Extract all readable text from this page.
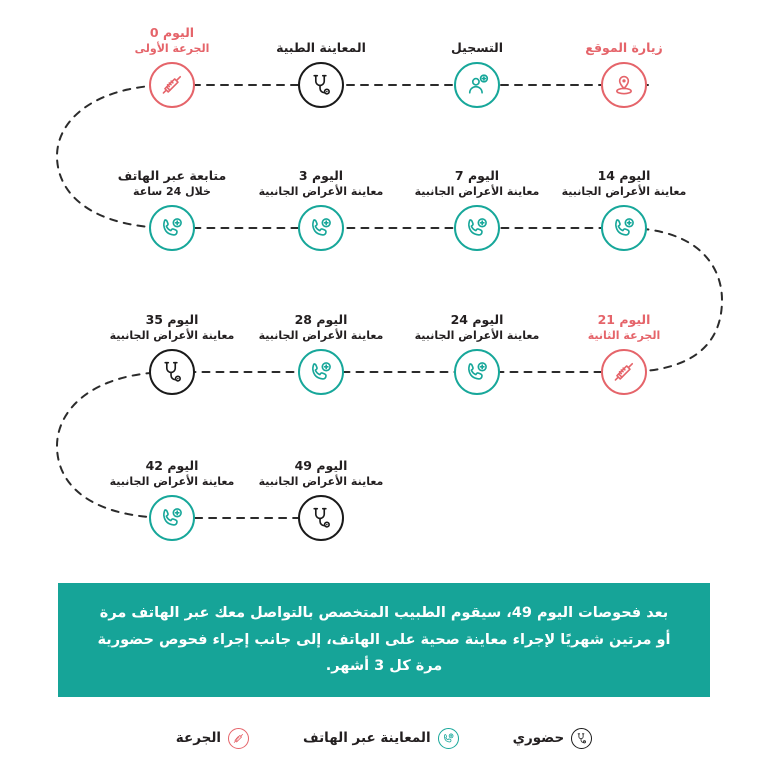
زيارة الموقع
التسجيل
المعاينة الطبية
اليوم 0
الجرعة الأولى
اليوم 14
معاينة الأعراض الجانبية
اليوم 7
معاينة الأعراض الجانبية
اليوم 3
معاينة الأعراض الجانبية
متابعة عبر الهاتف
خلال 24 ساعة
اليوم 21
الجرعة الثانية
اليوم 24
معاينة الأعراض الجانبية
اليوم 28
معاينة الأعراض الجانبية
اليوم 35
معاينة الأعراض الجانبية
اليوم 49
معاينة الأعراض الجانبية
اليوم 42
معاينة الأعراض الجانبية
بعد فحوصات اليوم 49، سيقوم الطبيب المتخصص بالتواصل معك عبر الهاتف مرة أو مرتين شهريًا لإجراء معاينة صحية على الهاتف، إلى جانب إجراء فحوص حضورية مرة كل 3 أشهر.
حضوري
المعاينة عبر الهاتف
الجرعة
